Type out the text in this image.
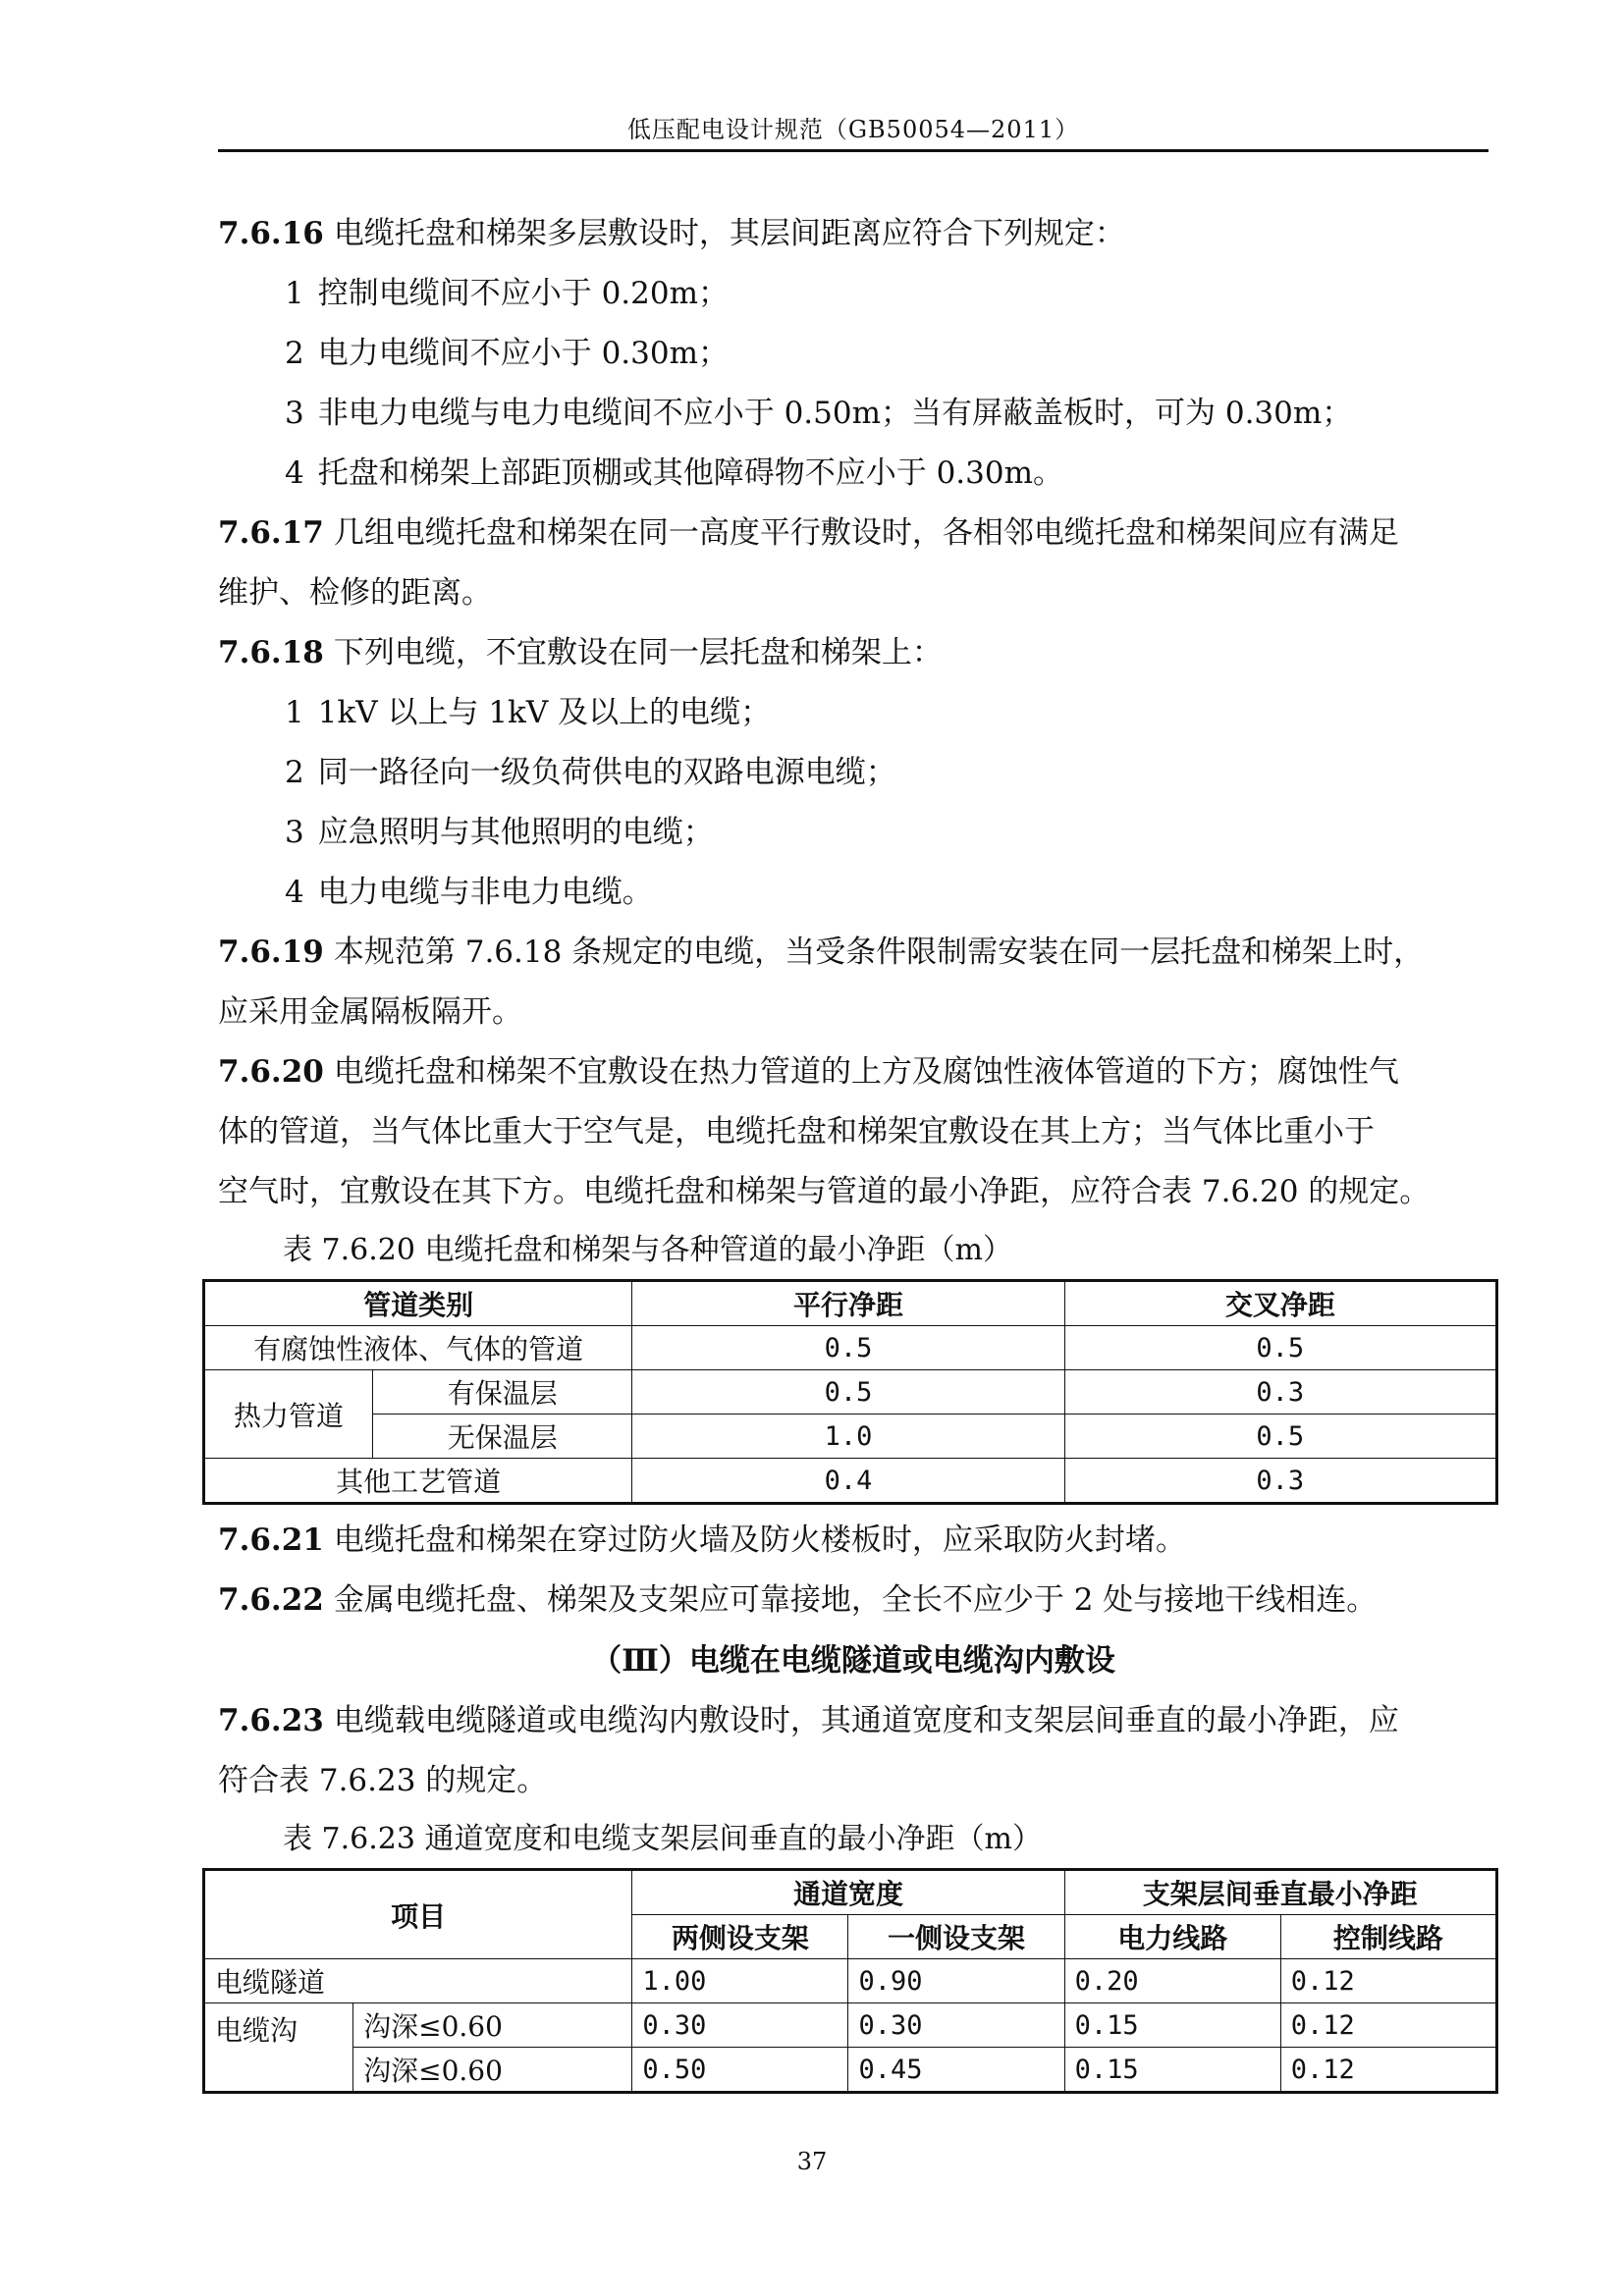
低压配电设计规范（GB50054—2011）

7.6.16 电缆托盘和梯架多层敷设时，其层间距离应符合下列规定：

1 控制电缆间不应小于 0.20m；

2 电力电缆间不应小于 0.30m；

3 非电力电缆与电力电缆间不应小于 0.50m；当有屏蔽盖板时，可为 0.30m；

4 托盘和梯架上部距顶棚或其他障碍物不应小于 0.30m。

7.6.17 几组电缆托盘和梯架在同一高度平行敷设时，各相邻电缆托盘和梯架间应有满足

维护、检修的距离。

7.6.18 下列电缆，不宜敷设在同一层托盘和梯架上：

1 1kV 以上与 1kV 及以上的电缆；

2 同一路径向一级负荷供电的双路电源电缆；

3 应急照明与其他照明的电缆；

4 电力电缆与非电力电缆。

7.6.19 本规范第 7.6.18 条规定的电缆，当受条件限制需安装在同一层托盘和梯架上时，

应采用金属隔板隔开。

7.6.20 电缆托盘和梯架不宜敷设在热力管道的上方及腐蚀性液体管道的下方；腐蚀性气

体的管道，当气体比重大于空气是，电缆托盘和梯架宜敷设在其上方；当气体比重小于

空气时，宜敷设在其下方。电缆托盘和梯架与管道的最小净距，应符合表 7.6.20 的规定。

表 7.6.20 电缆托盘和梯架与各种管道的最小净距（m）

管道类别		平行净距	交叉净距
有腐蚀性液体、气体的管道		0.5	0.5
热力管道	有保温层	0.5	0.3
	无保温层	1.0	0.5
其他工艺管道		0.4	0.3

7.6.21 电缆托盘和梯架在穿过防火墙及防火楼板时，应采取防火封堵。

7.6.22 金属电缆托盘、梯架及支架应可靠接地，全长不应少于 2 处与接地干线相连。

（Ⅲ）电缆在电缆隧道或电缆沟内敷设

7.6.23 电缆载电缆隧道或电缆沟内敷设时，其通道宽度和支架层间垂直的最小净距，应

符合表 7.6.23 的规定。

表 7.6.23 通道宽度和电缆支架层间垂直的最小净距（m）

项目		通道宽度		支架层间垂直最小净距	
		两侧设支架	一侧设支架	电力线路	控制线路
电缆隧道		1.00	0.90	0.20	0.12
电缆沟	沟深≤0.60	0.30	0.30	0.15	0.12
	沟深≤0.60	0.50	0.45	0.15	0.12
37
